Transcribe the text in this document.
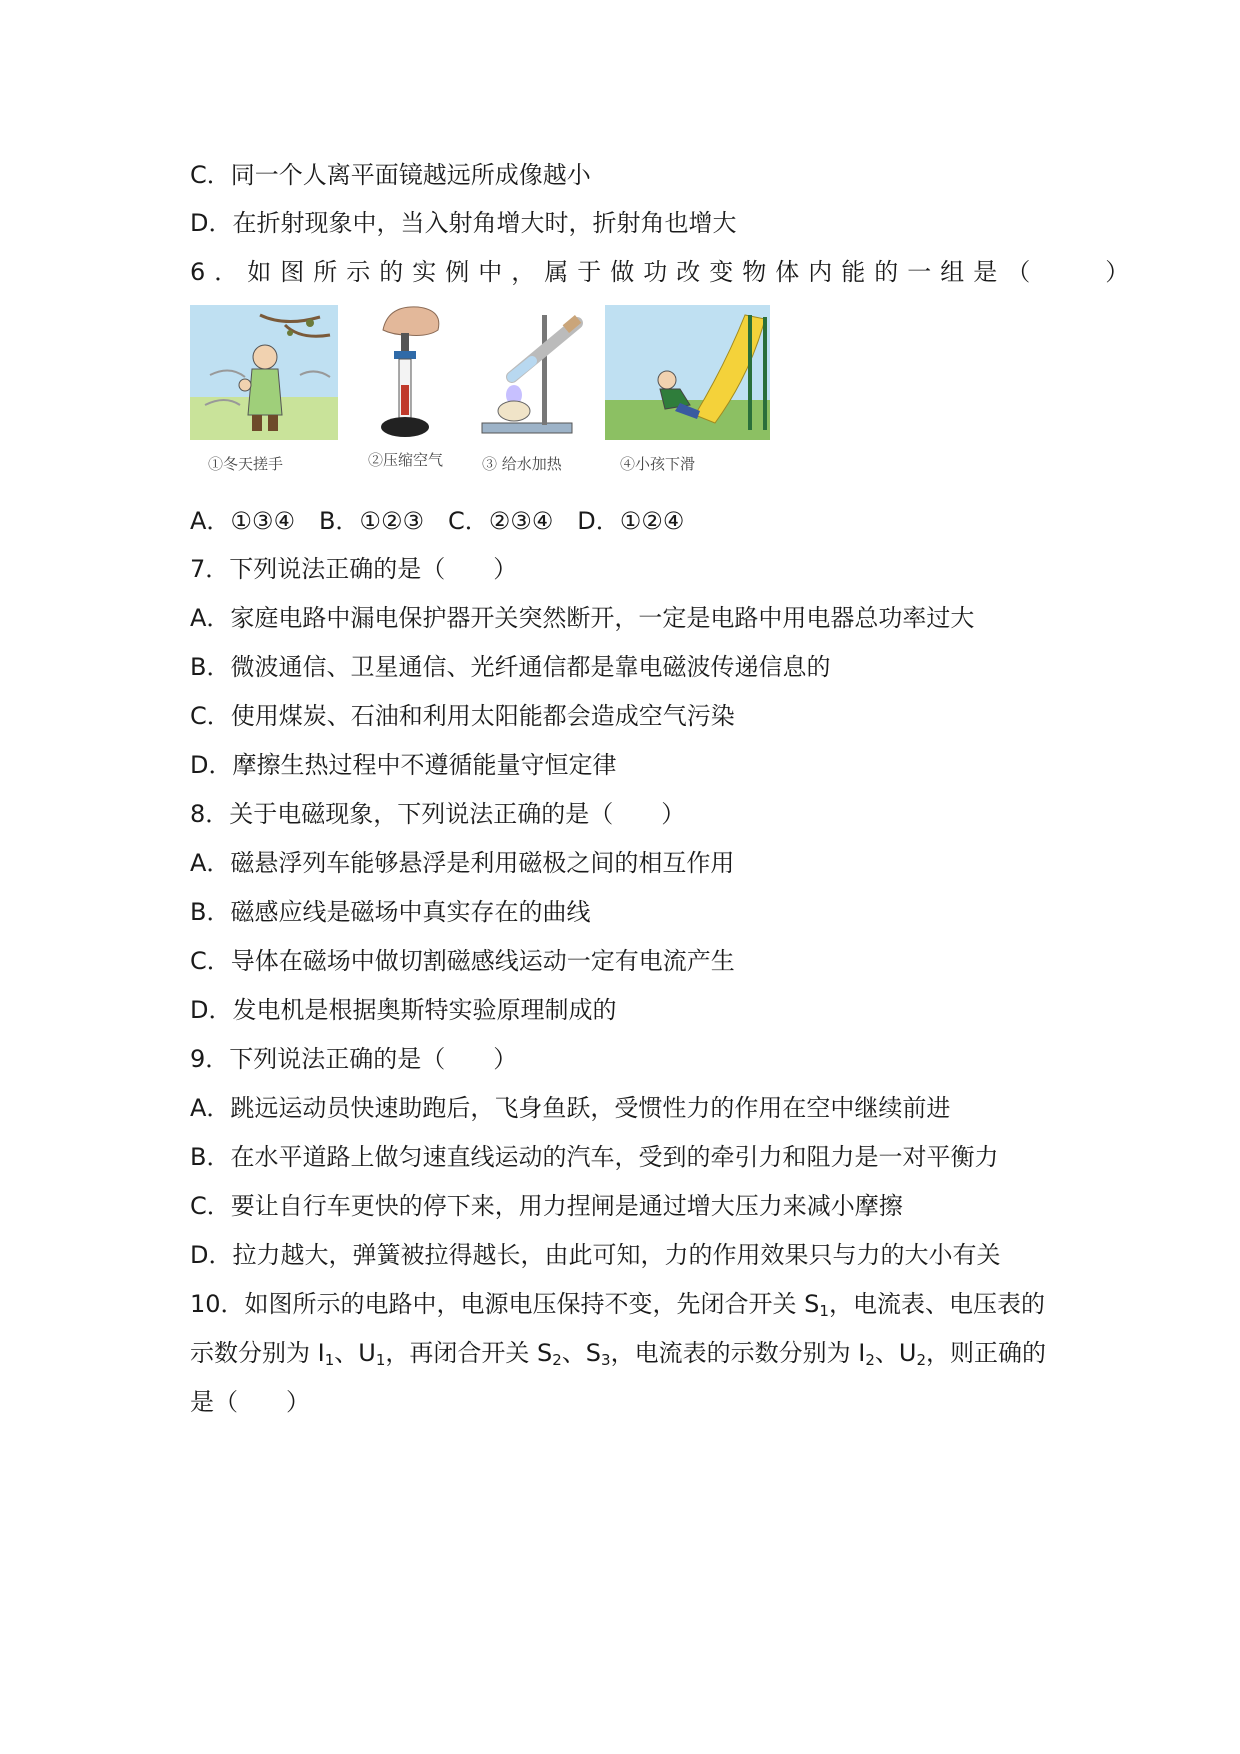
C．同一个人离平面镜越远所成像越小
D．在折射现象中，当入射角增大时，折射角也增大
6．如图所示的实例中，属于做功改变物体内能的一组是（　　）
①冬天搓手	②压缩空气	③ 给水加热	④小孩下滑
A．①③④　B．①②③　C．②③④　D．①②④
7．下列说法正确的是（　　）
A．家庭电路中漏电保护器开关突然断开，一定是电路中用电器总功率过大
B．微波通信、卫星通信、光纤通信都是靠电磁波传递信息的
C．使用煤炭、石油和利用太阳能都会造成空气污染
D．摩擦生热过程中不遵循能量守恒定律
8．关于电磁现象，下列说法正确的是（　　）
A．磁悬浮列车能够悬浮是利用磁极之间的相互作用
B．磁感应线是磁场中真实存在的曲线
C．导体在磁场中做切割磁感线运动一定有电流产生
D．发电机是根据奥斯特实验原理制成的
9．下列说法正确的是（　　）
A．跳远运动员快速助跑后，飞身鱼跃，受惯性力的作用在空中继续前进
B．在水平道路上做匀速直线运动的汽车，受到的牵引力和阻力是一对平衡力
C．要让自行车更快的停下来，用力捏闸是通过增大压力来减小摩擦
D．拉力越大，弹簧被拉得越长，由此可知，力的作用效果只与力的大小有关
10．如图所示的电路中，电源电压保持不变，先闭合开关 $S_1$，电流表、电压表的
示数分别为 $I_1$、$U_1$，再闭合开关 $S_2$、$S_3$，电流表的示数分别为 $I_2$、$U_2$，则正确的
是（　　）
